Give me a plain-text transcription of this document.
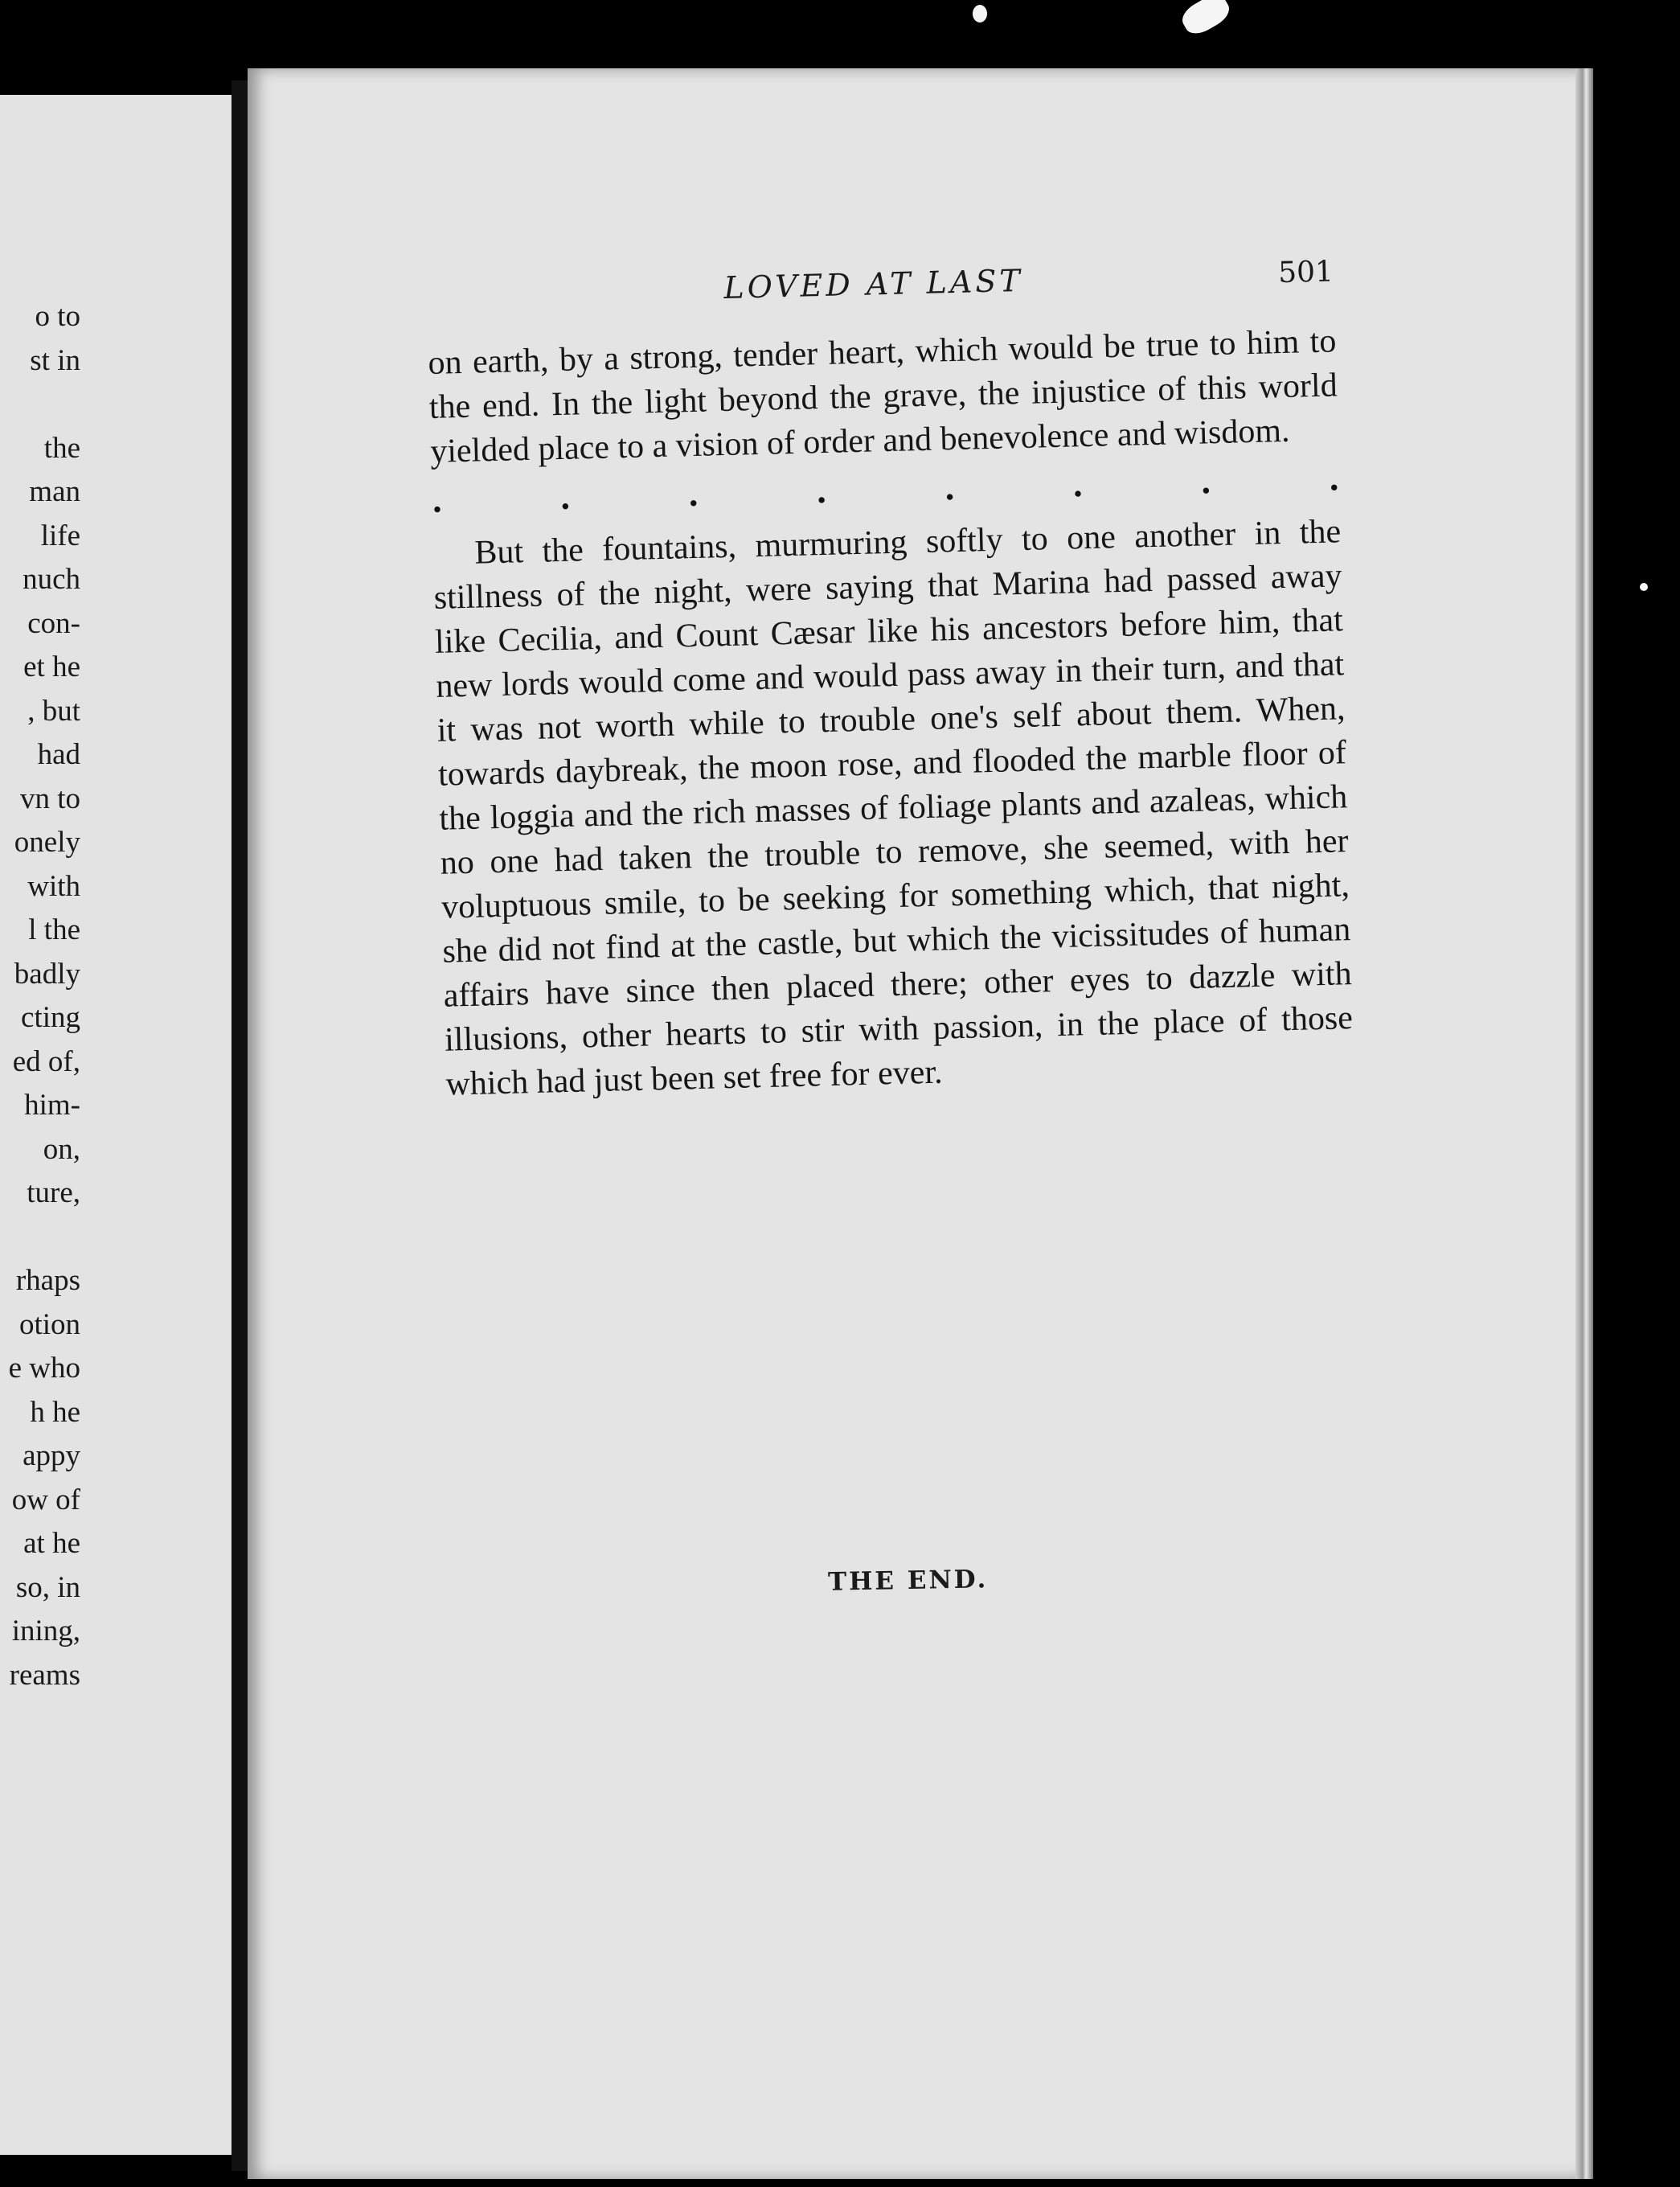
o to
st in
the
man
life
nuch
con-
et he
, but
had
vn to
onely
with
l the
badly
cting
ed of,
him-
on,
ture,
rhaps
otion
e who
h he
appy
ow of
at he
so, in
ining,
reams
LOVED AT LAST	501

on earth, by a strong, tender heart, which would be true to him to the end. In the light beyond the grave, the injustice of this world yielded place to a vision of order and benevolence and wisdom.

.	.	.	.	.	.	.	.

But the fountains, murmuring softly to one another in the stillness of the night, were saying that Marina had passed away like Cecilia, and Count Cæsar like his ancestors before him, that new lords would come and would pass away in their turn, and that it was not worth while to trouble one's self about them. When, towards daybreak, the moon rose, and flooded the marble floor of the loggia and the rich masses of foliage plants and azaleas, which no one had taken the trouble to remove, she seemed, with her voluptuous smile, to be seeking for something which, that night, she did not find at the castle, but which the vicissitudes of human affairs have since then placed there; other eyes to dazzle with illusions, other hearts to stir with passion, in the place of those which had just been set free for ever.

THE END.
